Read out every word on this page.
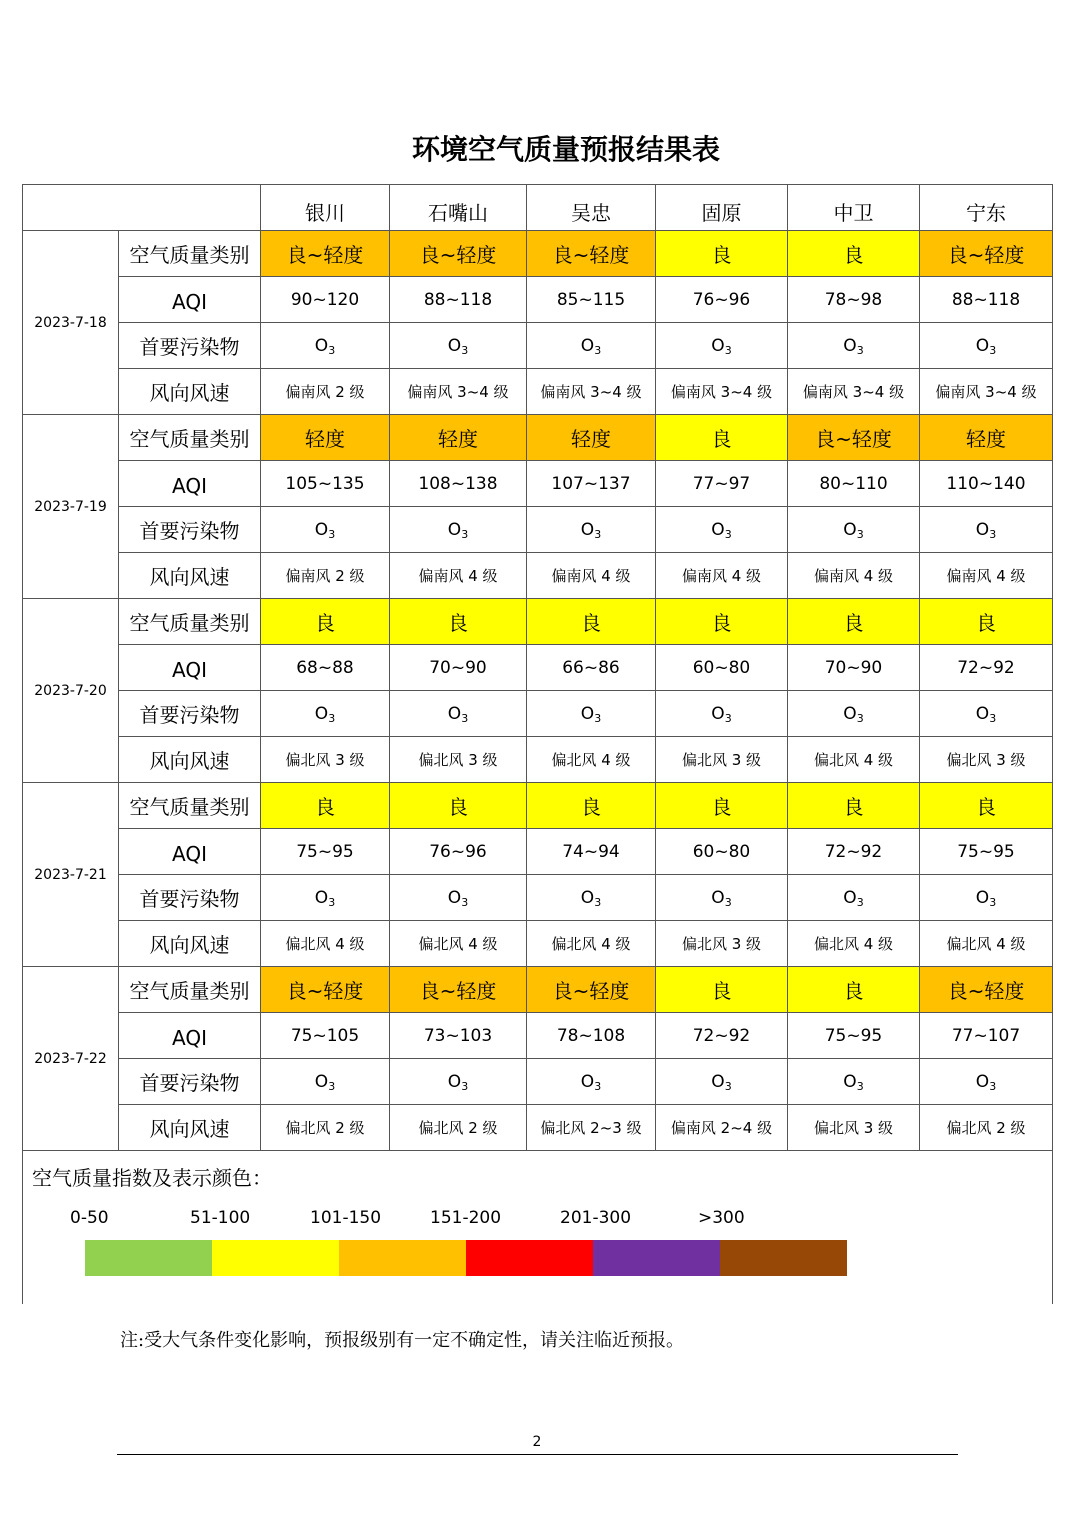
环境空气质量预报结果表
		银川	石嘴山	吴忠	固原	中卫	宁东
2023-7-18	空气质量类别	良~轻度	良~轻度	良~轻度	良	良	良~轻度
	AQI	90~120	88~118	85~115	76~96	78~98	88~118
	首要污染物	$O_3$	$O_3$	$O_3$	$O_3$	$O_3$	$O_3$
	风向风速	偏南风 2 级	偏南风 3~4 级	偏南风 3~4 级	偏南风 3~4 级	偏南风 3~4 级	偏南风 3~4 级
2023-7-19	空气质量类别	轻度	轻度	轻度	良	良~轻度	轻度
	AQI	105~135	108~138	107~137	77~97	80~110	110~140
	首要污染物	$O_3$	$O_3$	$O_3$	$O_3$	$O_3$	$O_3$
	风向风速	偏南风 2 级	偏南风 4 级	偏南风 4 级	偏南风 4 级	偏南风 4 级	偏南风 4 级
2023-7-20	空气质量类别	良	良	良	良	良	良
	AQI	68~88	70~90	66~86	60~80	70~90	72~92
	首要污染物	$O_3$	$O_3$	$O_3$	$O_3$	$O_3$	$O_3$
	风向风速	偏北风 3 级	偏北风 3 级	偏北风 4 级	偏北风 3 级	偏北风 4 级	偏北风 3 级
2023-7-21	空气质量类别	良	良	良	良	良	良
	AQI	75~95	76~96	74~94	60~80	72~92	75~95
	首要污染物	$O_3$	$O_3$	$O_3$	$O_3$	$O_3$	$O_3$
	风向风速	偏北风 4 级	偏北风 4 级	偏北风 4 级	偏北风 3 级	偏北风 4 级	偏北风 4 级
2023-7-22	空气质量类别	良~轻度	良~轻度	良~轻度	良	良	良~轻度
	AQI	75~105	73~103	78~108	72~92	75~95	77~107
	首要污染物	$O_3$	$O_3$	$O_3$	$O_3$	$O_3$	$O_3$
	风向风速	偏北风 2 级	偏北风 2 级	偏北风 2~3 级	偏南风 2~4 级	偏北风 3 级	偏北风 2 级
空气质量指数及表示颜色：
0-50	51-100	101-150	151-200	201-300	>300
注:受大气条件变化影响，预报级别有一定不确定性，请关注临近预报。
2
